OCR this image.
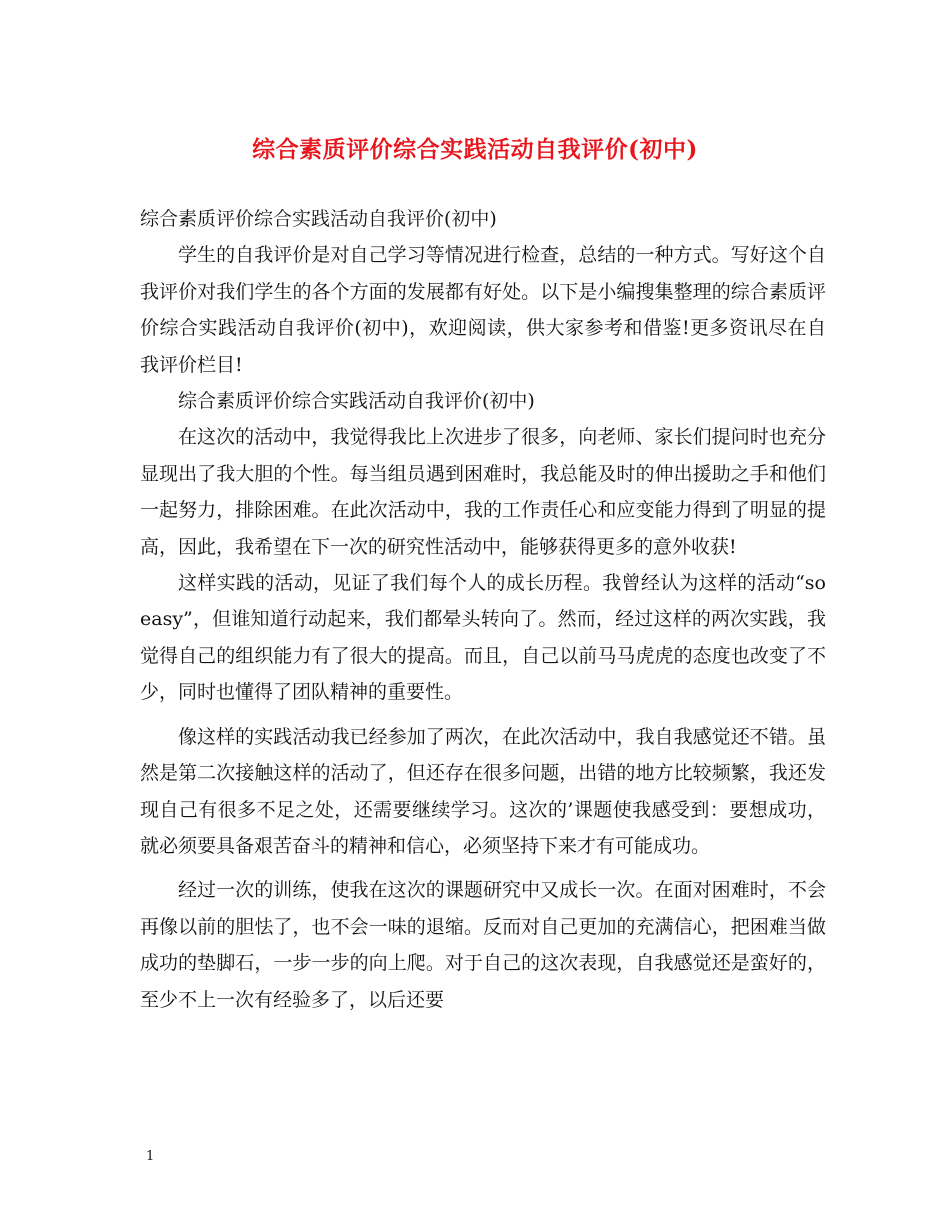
综合素质评价综合实践活动自我评价(初中)

综合素质评价综合实践活动自我评价(初中)

学生的自我评价是对自己学习等情况进行检查，总结的一种方式。写好这个自我评价对我们学生的各个方面的发展都有好处。以下是小编搜集整理的综合素质评价综合实践活动自我评价(初中)，欢迎阅读，供大家参考和借鉴!更多资讯尽在自我评价栏目!

综合素质评价综合实践活动自我评价(初中)

在这次的活动中，我觉得我比上次进步了很多，向老师、家长们提问时也充分显现出了我大胆的个性。每当组员遇到困难时，我总能及时的伸出援助之手和他们一起努力，排除困难。在此次活动中，我的工作责任心和应变能力得到了明显的提高，因此，我希望在下一次的研究性活动中，能够获得更多的意外收获!

这样实践的活动，见证了我们每个人的成长历程。我曾经认为这样的活动“so easy”，但谁知道行动起来，我们都晕头转向了。然而，经过这样的两次实践，我觉得自己的组织能力有了很大的提高。而且，自己以前马马虎虎的态度也改变了不少，同时也懂得了团队精神的重要性。

像这样的实践活动我已经参加了两次，在此次活动中，我自我感觉还不错。虽然是第二次接触这样的活动了，但还存在很多问题，出错的地方比较频繁，我还发现自己有很多不足之处，还需要继续学习。这次的’课题使我感受到：要想成功，就必须要具备艰苦奋斗的精神和信心，必须坚持下来才有可能成功。

经过一次的训练，使我在这次的课题研究中又成长一次。在面对困难时，不会再像以前的胆怯了，也不会一味的退缩。反而对自己更加的充满信心，把困难当做成功的垫脚石，一步一步的向上爬。对于自己的这次表现，自我感觉还是蛮好的，至少不上一次有经验多了，以后还要

1
